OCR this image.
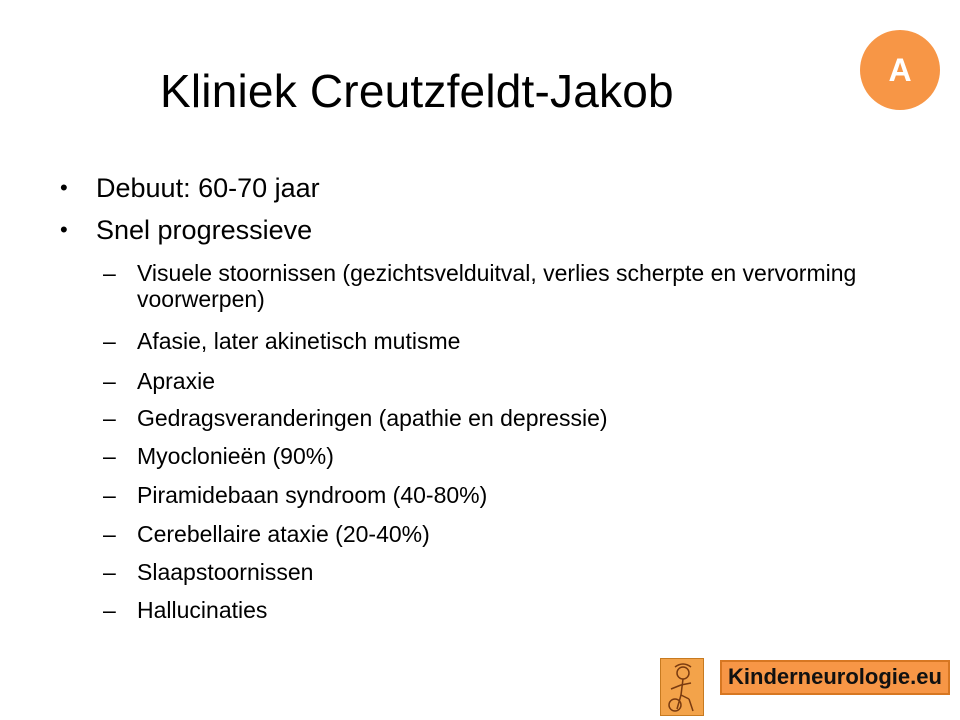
Kliniek Creutzfeldt-Jakob	A
• Debuut: 60-70 jaar
• Snel progressieve
– Visuele stoornissen (gezichtsvelduitval, verlies scherpte en vervorming voorwerpen)
– Afasie, later akinetisch mutisme
– Apraxie
– Gedragsveranderingen (apathie en depressie)
– Myoclonieën (90%)
– Piramidebaan syndroom (40-80%)
– Cerebellaire ataxie (20-40%)
– Slaapstoornissen
– Hallucinaties
Kinderneurologie.eu
